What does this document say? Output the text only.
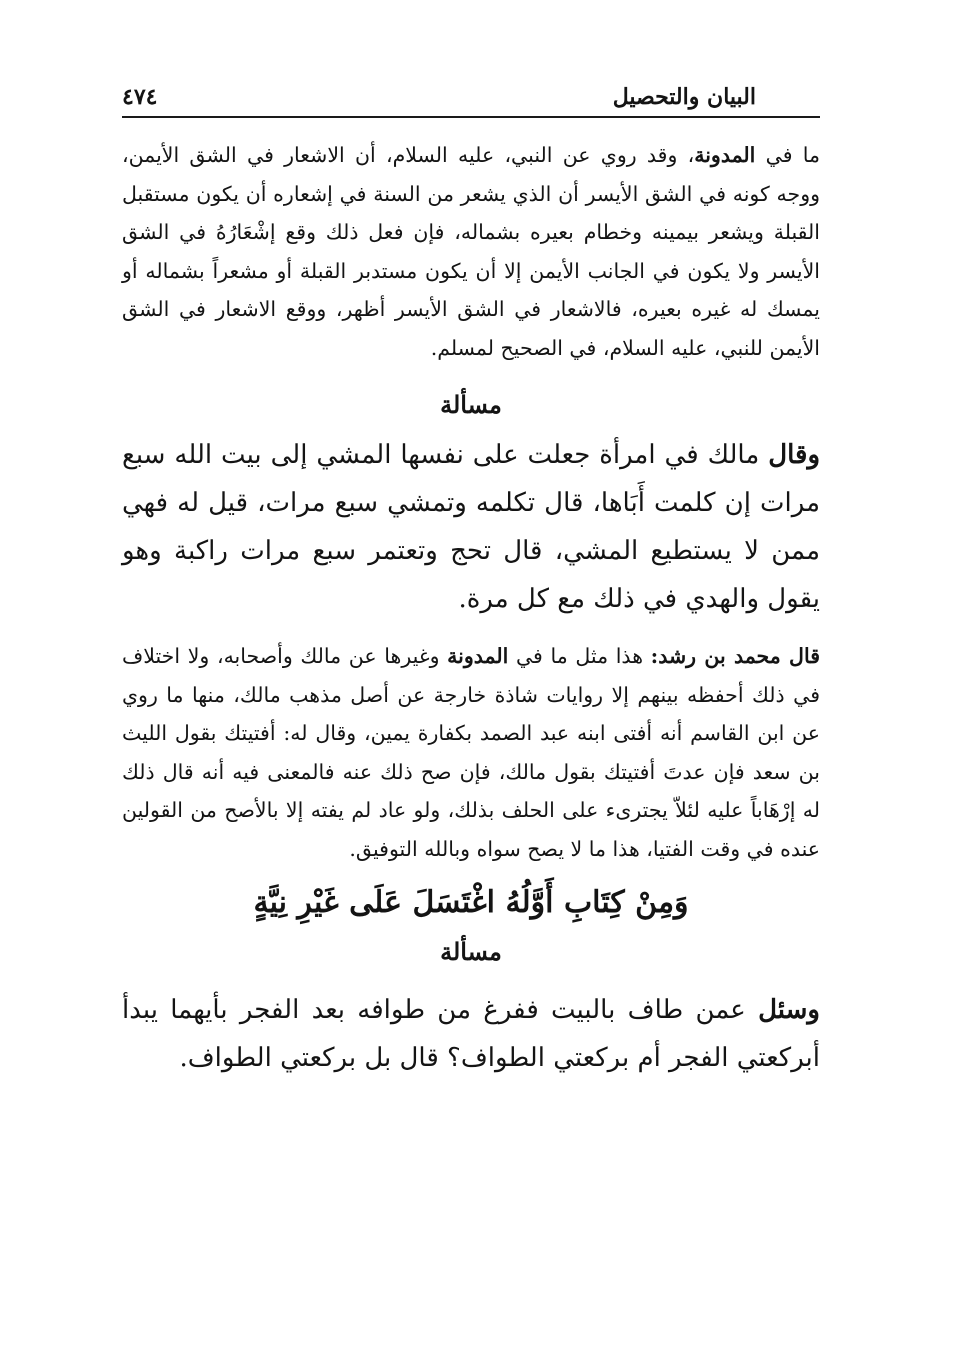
البيان والتحصيل
٤٧٤

ما في المدونة، وقد روي عن النبي، عليه السلام، أن الاشعار في الشق الأيمن، ووجه كونه في الشق الأيسر أن الذي يشعر من السنة في إشعاره أن يكون مستقبل القبلة ويشعر بيمينه وخطام بعيره بشماله، فإن فعل ذلك وقع إشْعَارُهُ في الشق الأيسر ولا يكون في الجانب الأيمن إلا أن يكون مستدبر القبلة أو مشعراً بشماله أو يمسك له غيره بعيره، فالاشعار في الشق الأيسر أظهر، ووقع الاشعار في الشق الأيمن للنبي، عليه السلام، في الصحيح لمسلم.

مسألة

وقال مالك في امرأة جعلت على نفسها المشي إلى بيت الله سبع مرات إن كلمت أَبَاها، قال تكلمه وتمشي سبع مرات، قيل له فهي ممن لا يستطيع المشي، قال تحج وتعتمر سبع مرات راكبة وهو يقول والهدي في ذلك مع كل مرة.

قال محمد بن رشد: هذا مثل ما في المدونة وغيرها عن مالك وأصحابه، ولا اختلاف في ذلك أحفظه بينهم إلا روايات شاذة خارجة عن أصل مذهب مالك، منها ما روي عن ابن القاسم أنه أفتى ابنه عبد الصمد بكفارة يمين، وقال له: أفتيتك بقول الليث بن سعد فإن عدتَ أفتيتك بقول مالك، فإن صح ذلك عنه فالمعنى فيه أنه قال ذلك له إرْهَاباً عليه لئلاّ يجترىء على الحلف بذلك، ولو عاد لم يفته إلا بالأصح من القولين عنده في وقت الفتيا، هذا ما لا يصح سواه وبالله التوفيق.

وَمِنْ كِتَابِ أَوَّلُهُ اغْتَسَلَ عَلَى غَيْرِ نِيَّةٍ

مسألة

وسئل عمن طاف بالبيت ففرغ من طوافه بعد الفجر بأيهما يبدأ أبركعتي الفجر أم بركعتي الطواف؟ قال بل بركعتي الطواف.
